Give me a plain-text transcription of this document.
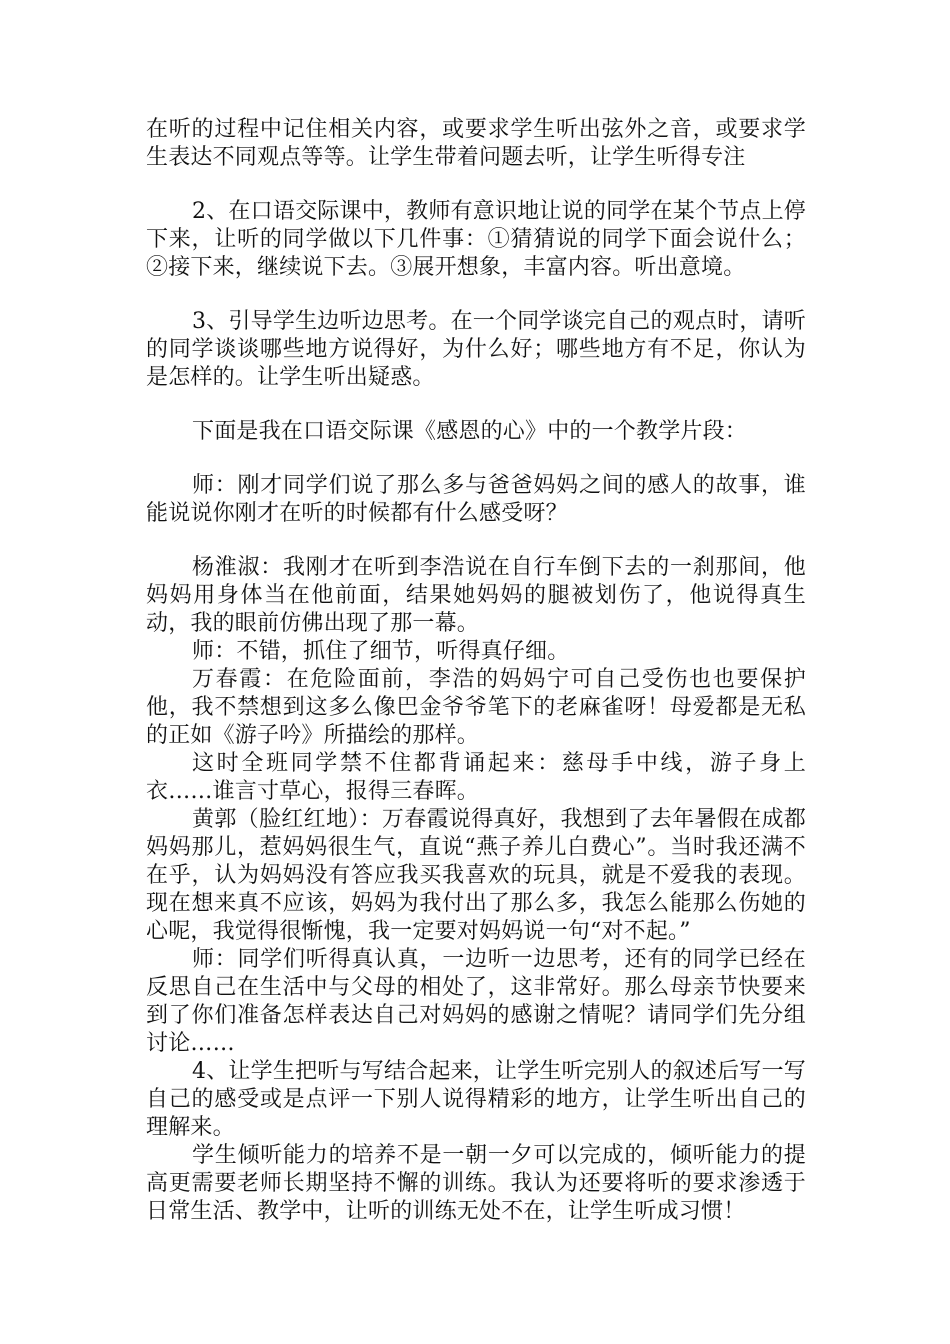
在听的过程中记住相关内容，或要求学生听出弦外之音，或要求学生表达不同观点等等。让学生带着问题去听，让学生听得专注

2、在口语交际课中，教师有意识地让说的同学在某个节点上停下来，让听的同学做以下几件事：①猜猜说的同学下面会说什么；②接下来，继续说下去。③展开想象，丰富内容。听出意境。

3、引导学生边听边思考。在一个同学谈完自己的观点时，请听的同学谈谈哪些地方说得好，为什么好；哪些地方有不足，你认为是怎样的。让学生听出疑惑。

下面是我在口语交际课《感恩的心》中的一个教学片段：

师：刚才同学们说了那么多与爸爸妈妈之间的感人的故事，谁能说说你刚才在听的时候都有什么感受呀？

杨淮淑：我刚才在听到李浩说在自行车倒下去的一刹那间，他妈妈用身体当在他前面，结果她妈妈的腿被划伤了，他说得真生动，我的眼前仿佛出现了那一幕。

师：不错，抓住了细节，听得真仔细。

万春霞：在危险面前，李浩的妈妈宁可自己受伤也也要保护他，我不禁想到这多么像巴金爷爷笔下的老麻雀呀！母爱都是无私的正如《游子吟》所描绘的那样。

这时全班同学禁不住都背诵起来：慈母手中线，游子身上衣……谁言寸草心，报得三春晖。

黄郭（脸红红地）：万春霞说得真好，我想到了去年暑假在成都妈妈那儿，惹妈妈很生气，直说“燕子养儿白费心”。当时我还满不在乎，认为妈妈没有答应我买我喜欢的玩具，就是不爱我的表现。现在想来真不应该，妈妈为我付出了那么多，我怎么能那么伤她的心呢，我觉得很惭愧，我一定要对妈妈说一句“对不起。”

师：同学们听得真认真，一边听一边思考，还有的同学已经在反思自己在生活中与父母的相处了，这非常好。那么母亲节快要来到了你们准备怎样表达自己对妈妈的感谢之情呢？请同学们先分组讨论……

4、让学生把听与写结合起来，让学生听完别人的叙述后写一写自己的感受或是点评一下别人说得精彩的地方，让学生听出自己的理解来。

学生倾听能力的培养不是一朝一夕可以完成的，倾听能力的提高更需要老师长期坚持不懈的训练。我认为还要将听的要求渗透于日常生活、教学中，让听的训练无处不在，让学生听成习惯！
